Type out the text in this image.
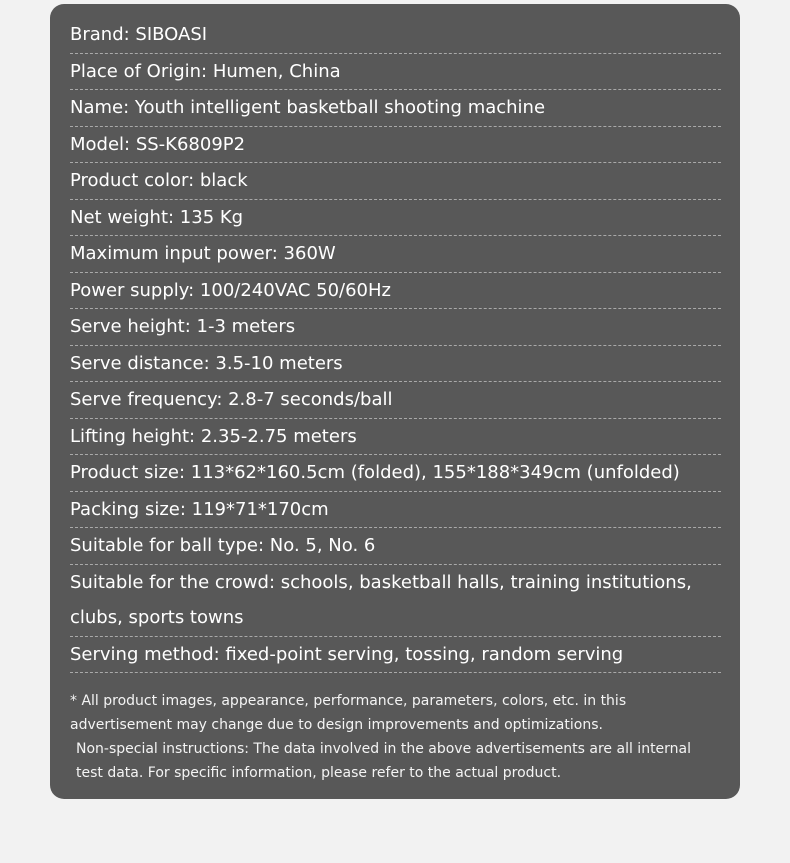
Brand: SIBOASI
Place of Origin: Humen, China
Name: Youth intelligent basketball shooting machine
Model: SS-K6809P2
Product color: black
Net weight: 135 Kg
Maximum input power: 360W
Power supply: 100/240VAC 50/60Hz
Serve height: 1-3 meters
Serve distance: 3.5-10 meters
Serve frequency: 2.8-7 seconds/ball
Lifting height: 2.35-2.75 meters
Product size: 113*62*160.5cm (folded), 155*188*349cm (unfolded)
Packing size: 119*71*170cm
Suitable for ball type: No. 5, No. 6
Suitable for the crowd: schools, basketball halls, training institutions, clubs, sports towns
Serving method: fixed-point serving, tossing, random serving

* All product images, appearance, performance, parameters, colors, etc. in this advertisement may change due to design improvements and optimizations.

Non-special instructions: The data involved in the above advertisements are all internal test data. For specific information, please refer to the actual product.
